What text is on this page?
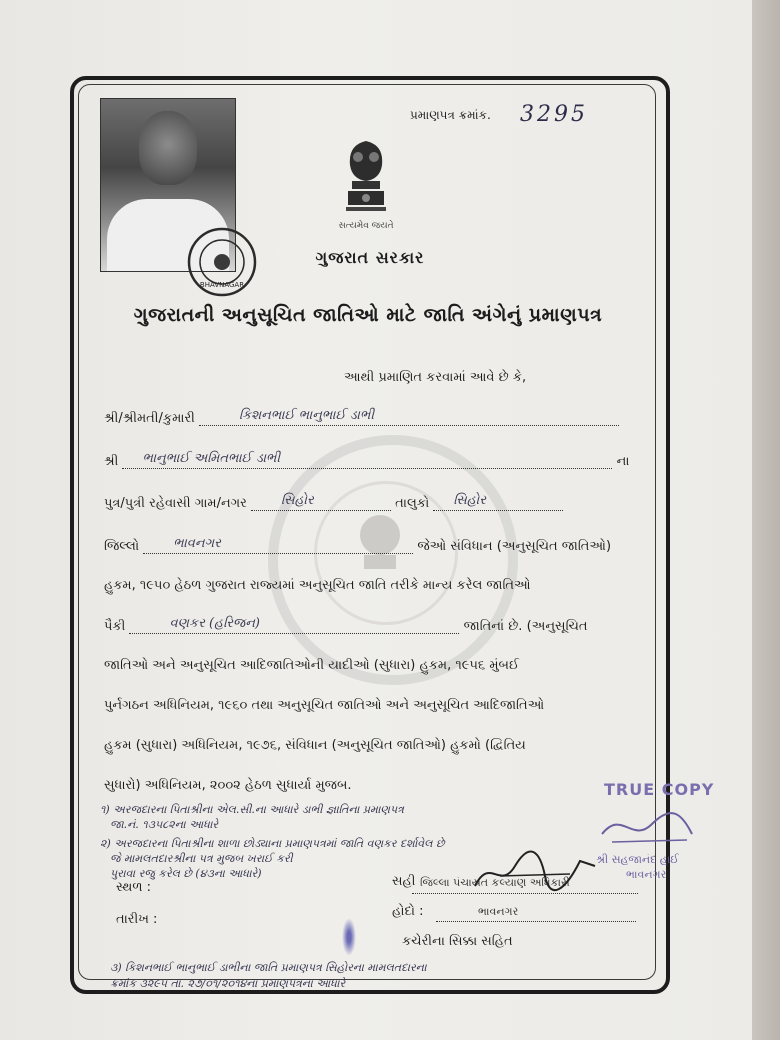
BHAVNAGAR
પ્રમાણપત્ર ક્રમાંક. 3295
સત્યમેવ જયતે
ગુજરાત સરકાર
ગુજરાતની અનુસૂચિત જાતિઓ માટે જાતિ અંગેનું પ્રમાણપત્ર
આથી પ્રમાણિત કરવામાં આવે છે કે,
શ્રી/શ્રીમતી/કુમારી	કિશનભાઈ ભાનુભાઈ ડાભી
શ્રી ભાનુભાઈ અમિતભાઈ ડાભી	ના
પુત્ર/પુત્રી રહેવાસી ગામ/નગર	સિહોર	તાલુકો સિહોર
જિલ્લો	ભાવનગર	જેઓ સંવિધાન (અનુસૂચિત જાતિઓ)
હુકમ, ૧૯૫૦ હેઠળ ગુજરાત રાજ્યમાં અનુસૂચિત જાતિ તરીકે માન્ય કરેલ જાતિઓ
પૈકી	વણકર (હરિજન)	જાતિનાં છે. (અનુસૂચિત
જાતિઓ અને અનુસૂચિત આદિજાતિઓની યાદીઓ (સુધારા) હુકમ, ૧૯૫૬ મુંબઈ
પુર્નગઠન અધિનિયમ, ૧૯૬૦ તથા અનુસૂચિત જાતિઓ અને અનુસૂચિત આદિજાતિઓ
હુકમ (સુધારા) અધિનિયમ, ૧૯૭૬, સંવિધાન (અનુસૂચિત જાતિઓ) હુકમો (દ્વિતિય
સુધારો) અધિનિયમ, ૨૦૦૨ હેઠળ સુધાર્યા મુજબ.
૧) અરજદારના પિતાશ્રીના એલ.સી.ના આધારે ડાભી જ્ઞાતિના પ્રમાણપત્ર
જા.નં. ૧૩૫૮૨ના આધારે
૨) અરજદારના પિતાશ્રીના શાળા છોડ્યાના પ્રમાણપત્રમાં જાતિ વણકર દર્શાવેલ છે
જે મામલતદારશ્રીના પત્ર મુજબ ખરાઈ કરી
પુરાવા રજુ કરેલ છે (૪૩ના આધારે)
સ્થળ :
તારીખ :
સહી જિલ્લા પંચાયત કલ્યાણ અધિકારી
હોદો :	ભાવનગર
કચેરીના સિક્કા સહિત
૩) કિશનભાઈ ભાનુભાઈ ડાભીના જાતિ પ્રમાણપત્ર સિહોરના મામલતદારના
ક્રમાંક ૩૨૯૫ તા. ૨૭/૦૧/૨૦૧૪ના પ્રમાણપત્રના આધારે
TRUE COPY
શ્રી સહજાનંદ હાઈ
ભાવનગર
